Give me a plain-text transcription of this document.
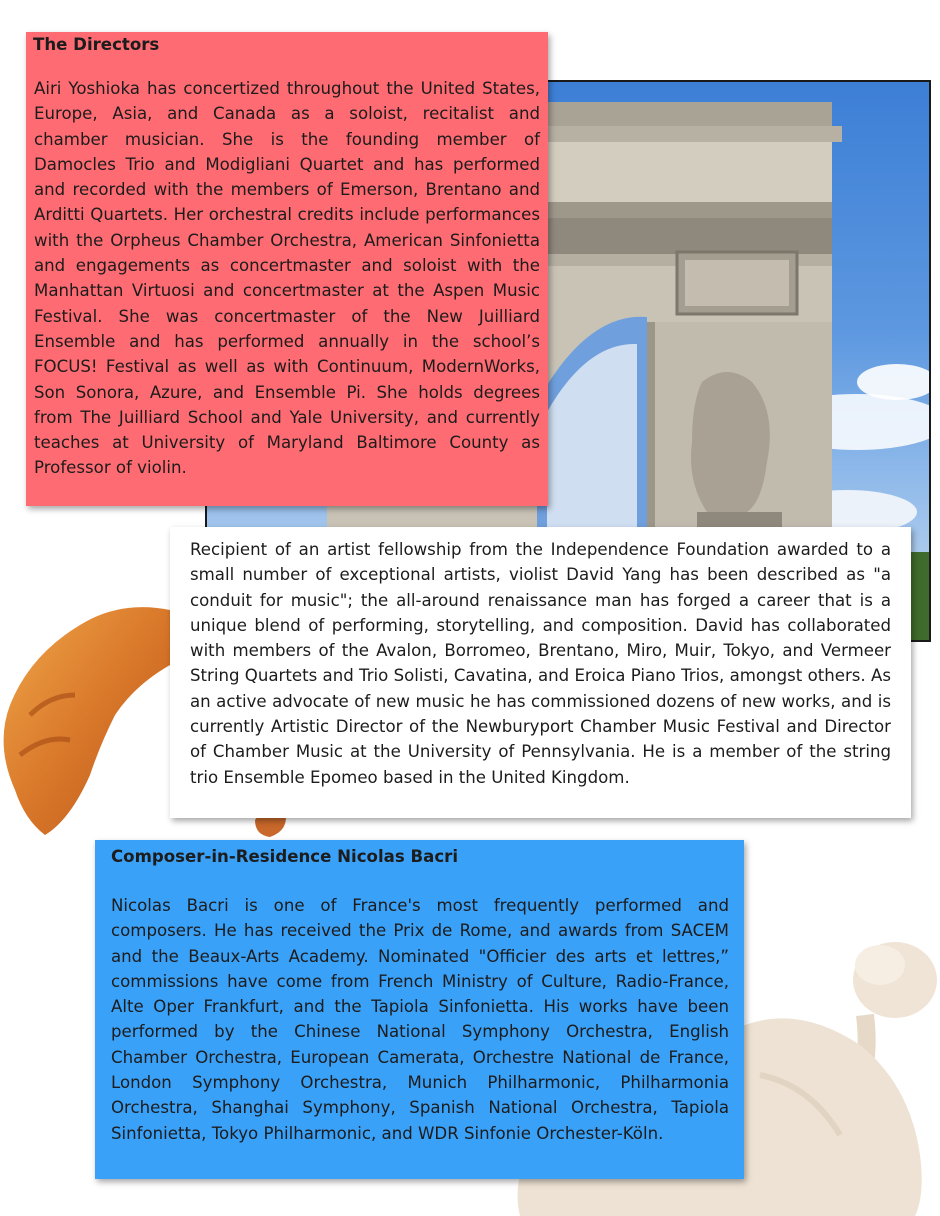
The Directors

Airi Yoshioka has concertized throughout the United States, Europe, Asia, and Canada as a soloist, recitalist and chamber musician. She is the founding member of Damocles Trio and Modigliani Quartet and has performed and recorded with the members of Emerson, Brentano and Arditti Quartets. Her orchestral credits include performances with the Orpheus Chamber Orchestra, American Sinfonietta and engagements as concertmaster and soloist with the Manhattan Virtuosi and concertmaster at the Aspen Music Festival. She was concertmaster of the New Juilliard Ensemble and has performed annually in the school’s FOCUS! Festival as well as with Continuum, ModernWorks, Son Sonora, Azure, and Ensemble Pi. She holds degrees from The Juilliard School and Yale University, and currently teaches at University of Maryland Baltimore County as Professor of violin.

Recipient of an artist fellowship from the Independence Foundation awarded to a small number of exceptional artists, violist David Yang has been described as "a conduit for music"; the all-around renaissance man has forged a career that is a unique blend of performing, storytelling, and composition. David has collaborated with members of the Avalon, Borromeo, Brentano, Miro, Muir, Tokyo, and Vermeer String Quartets and Trio Solisti, Cavatina, and Eroica Piano Trios, amongst others. As an active advocate of new music he has commissioned dozens of new works, and is currently Artistic Director of the Newburyport Chamber Music Festival and Director of Chamber Music at the University of Pennsylvania. He is a member of the string trio Ensemble Epomeo based in the United Kingdom.

Composer-in-Residence Nicolas Bacri

Nicolas Bacri is one of France's most frequently performed and composers. He has received the Prix de Rome, and awards from SACEM and the Beaux-Arts Academy. Nominated "Officier des arts et lettres,” commissions have come from French Ministry of Culture, Radio-France, Alte Oper Frankfurt, and the Tapiola Sinfonietta. His works have been performed by the Chinese National Symphony Orchestra, English Chamber Orchestra, European Camerata, Orchestre National de France, London Symphony Orchestra, Munich Philharmonic, Philharmonia Orchestra, Shanghai Symphony, Spanish National Orchestra, Tapiola Sinfonietta, Tokyo Philharmonic, and WDR Sinfonie Orchester-Köln.
